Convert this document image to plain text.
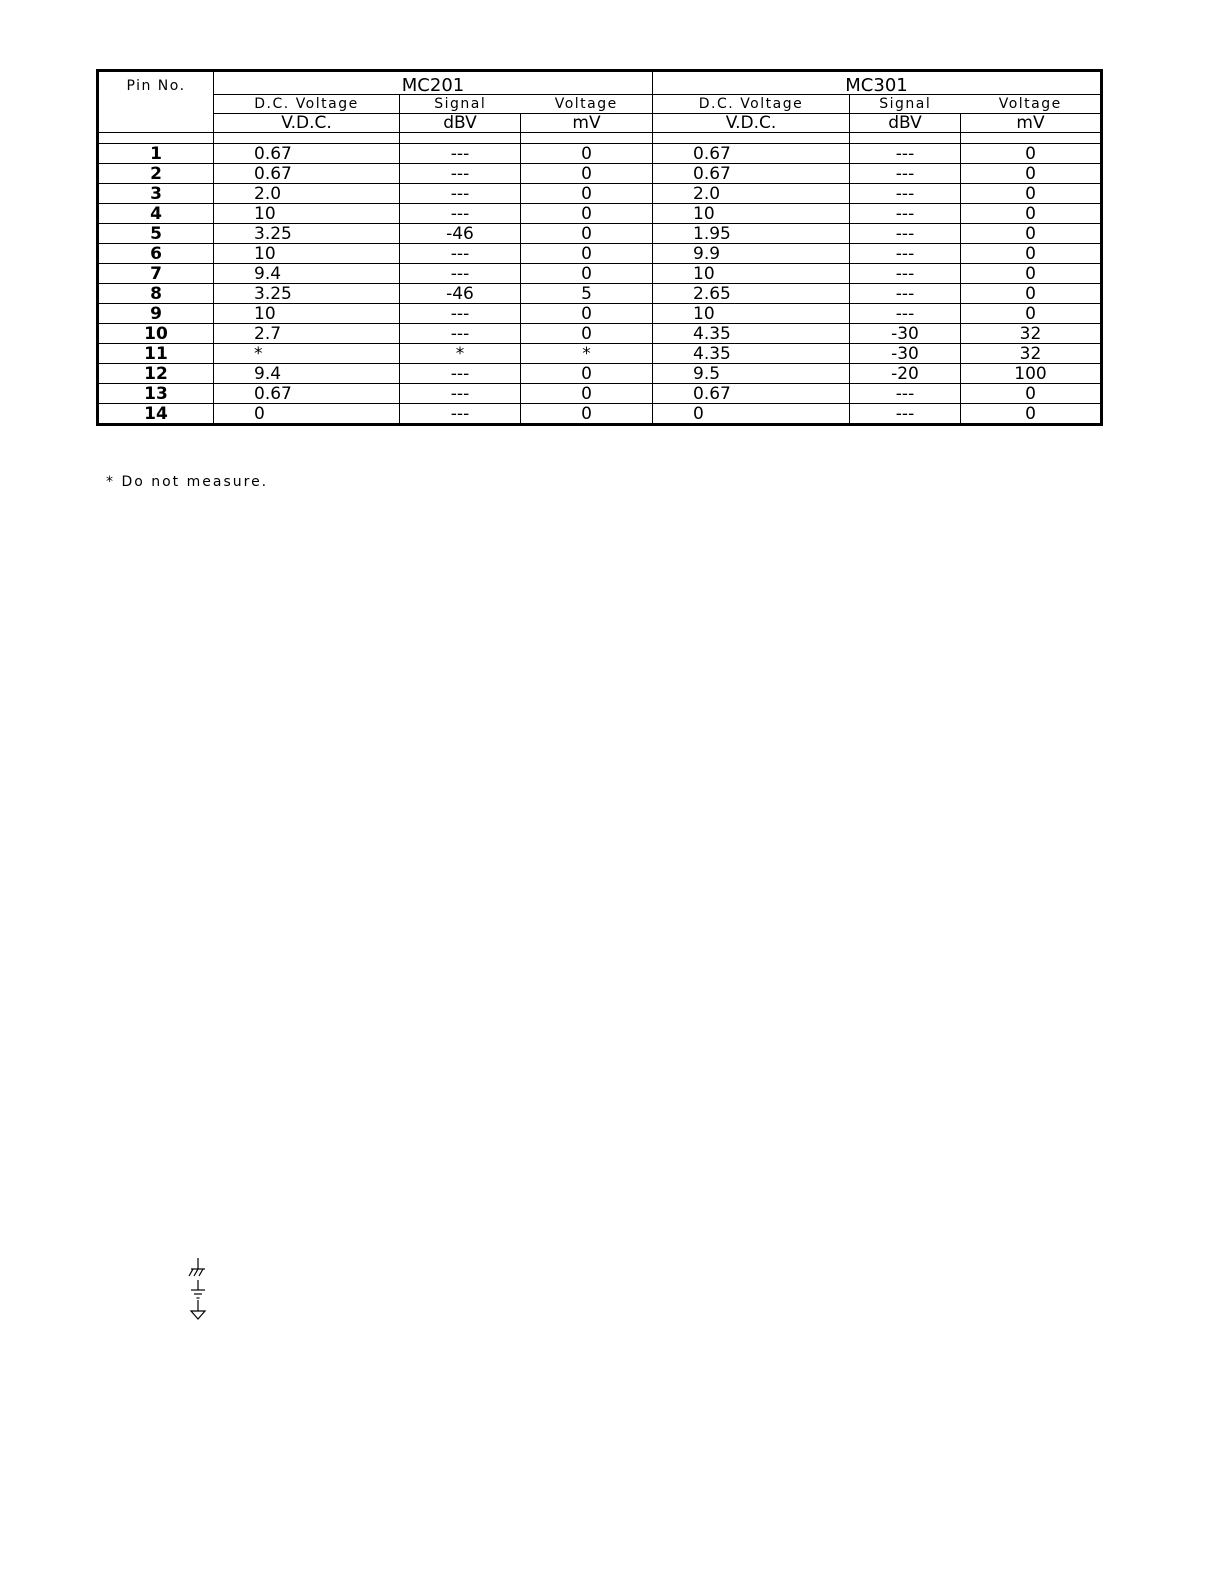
Pin No.	MC201			MC301		
	D.C. Voltage	Signal	Voltage	D.C. Voltage	Signal	Voltage
	V.D.C.	dBV	mV	V.D.C.	dBV	mV

1	0.67	---	0	0.67	---	0
2	0.67	---	0	0.67	---	0
3	2.0	---	0	2.0	---	0
4	10	---	0	10	---	0
5	3.25	-46	0	1.95	---	0
6	10	---	0	9.9	---	0
7	9.4	---	0	10	---	0
8	3.25	-46	5	2.65	---	0
9	10	---	0	10	---	0
10	2.7	---	0	4.35	-30	32
11	*	*	*	4.35	-30	32
12	9.4	---	0	9.5	-20	100
13	0.67	---	0	0.67	---	0
14	0	---	0	0	---	0
* Do not measure.
